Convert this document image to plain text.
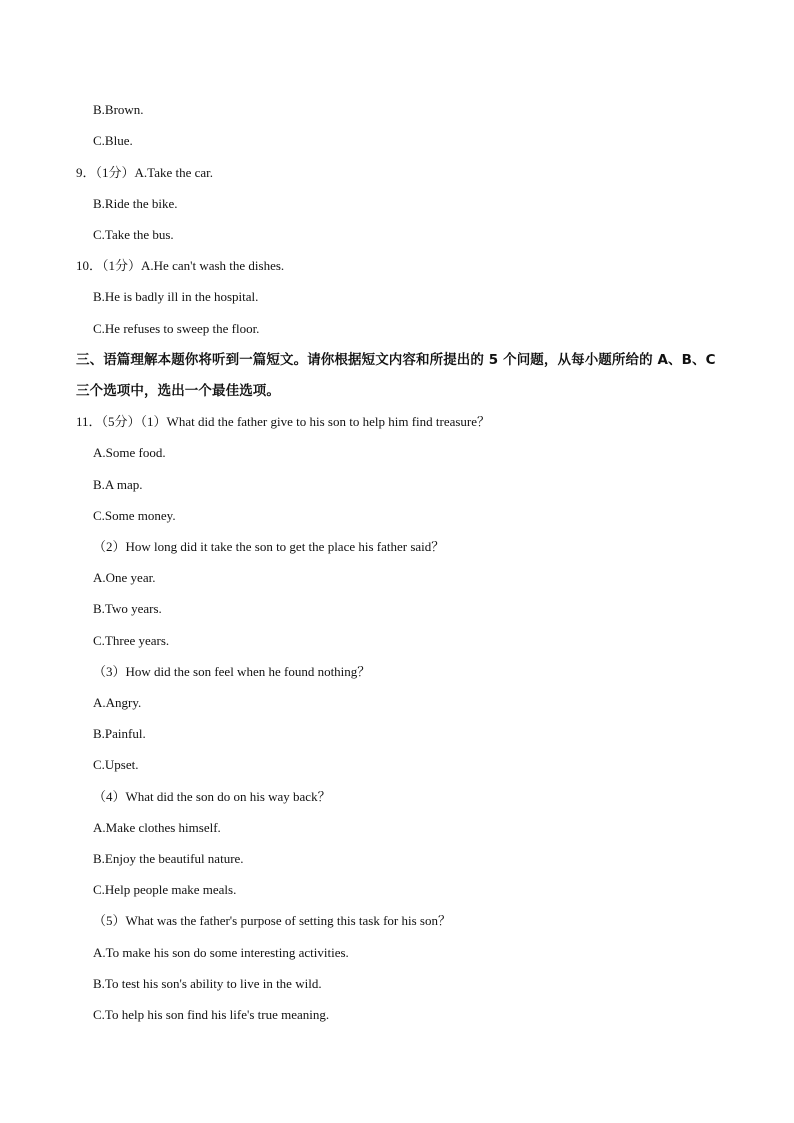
B.Brown.
C.Blue.
9．（1分）A.Take the car.
B.Ride the bike.
C.Take the bus.
10．（1分）A.He can't wash the dishes.
B.He is badly ill in the hospital.
C.He refuses to sweep the floor.
三、语篇理解本题你将听到一篇短文。请你根据短文内容和所提出的 5 个问题，从每小题所给的 A、B、C
三个选项中，选出一个最佳选项。
11．（5分）（1）What did the father give to his son to help him find treasure？
A.Some food.
B.A map.
C.Some money.
（2）How long did it take the son to get the place his father said？
A.One year.
B.Two years.
C.Three years.
（3）How did the son feel when he found nothing？
A.Angry.
B.Painful.
C.Upset.
（4）What did the son do on his way back？
A.Make clothes himself.
B.Enjoy the beautiful nature.
C.Help people make meals.
（5）What was the father's purpose of setting this task for his son？
A.To make his son do some interesting activities.
B.To test his son's ability to live in the wild.
C.To help his son find his life's true meaning.
